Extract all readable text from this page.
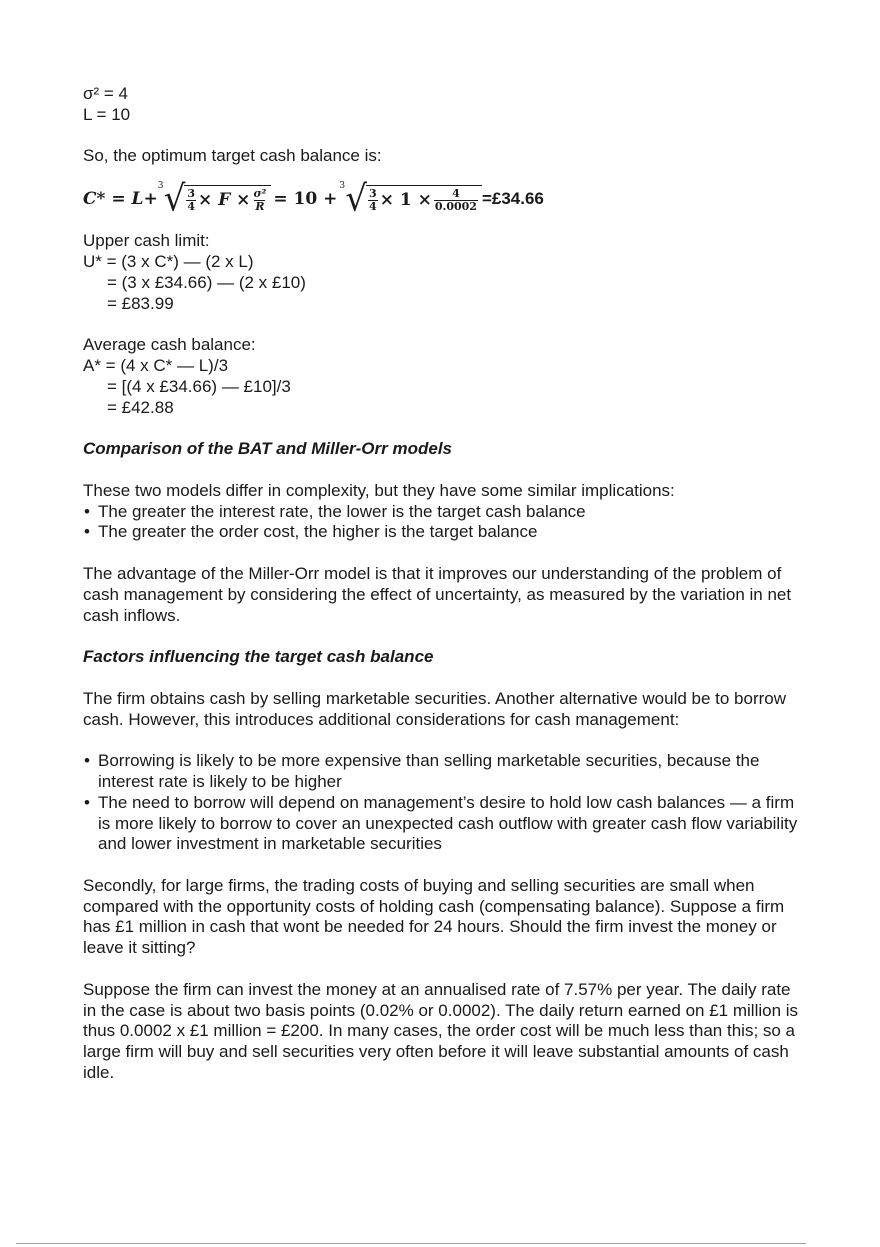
σ² = 4
L = 10
So, the optimum target cash balance is:
C* = L+
3 √ $\frac{3}{4} \times F \times \frac{\text{σ²}}{R} = 10$ +
3 √ $\frac{3}{4} \times 1 \times \frac{4}{0.0002}$ =£34.66
Upper cash limit:
U* = (3 x C*) — (2 x L)
= (3 x £34.66) — (2 x £10)
= £83.99
Average cash balance:
A* = (4 x C* — L)/3
= [(4 x £34.66) — £10]/3
= £42.88
Comparison of the BAT and Miller-Orr models
These two models differ in complexity, but they have some similar implications:
• The greater the interest rate, the lower is the target cash balance
• The greater the order cost, the higher is the target balance
The advantage of the Miller-Orr model is that it improves our understanding of the problem of cash management by considering the effect of uncertainty, as measured by the variation in net cash inflows.
Factors influencing the target cash balance
The firm obtains cash by selling marketable securities. Another alternative would be to borrow cash. However, this introduces additional considerations for cash management:
• Borrowing is likely to be more expensive than selling marketable securities, because the interest rate is likely to be higher
• The need to borrow will depend on management’s desire to hold low cash balances — a firm is more likely to borrow to cover an unexpected cash outflow with greater cash flow variability and lower investment in marketable securities
Secondly, for large firms, the trading costs of buying and selling securities are small when compared with the opportunity costs of holding cash (compensating balance). Suppose a firm has £1 million in cash that wont be needed for 24 hours. Should the firm invest the money or leave it sitting?
Suppose the firm can invest the money at an annualised rate of 7.57% per year. The daily rate in the case is about two basis points (0.02% or 0.0002). The daily return earned on £1 million is thus 0.0002 x £1 million = £200. In many cases, the order cost will be much less than this; so a large firm will buy and sell securities very often before it will leave substantial amounts of cash idle.
